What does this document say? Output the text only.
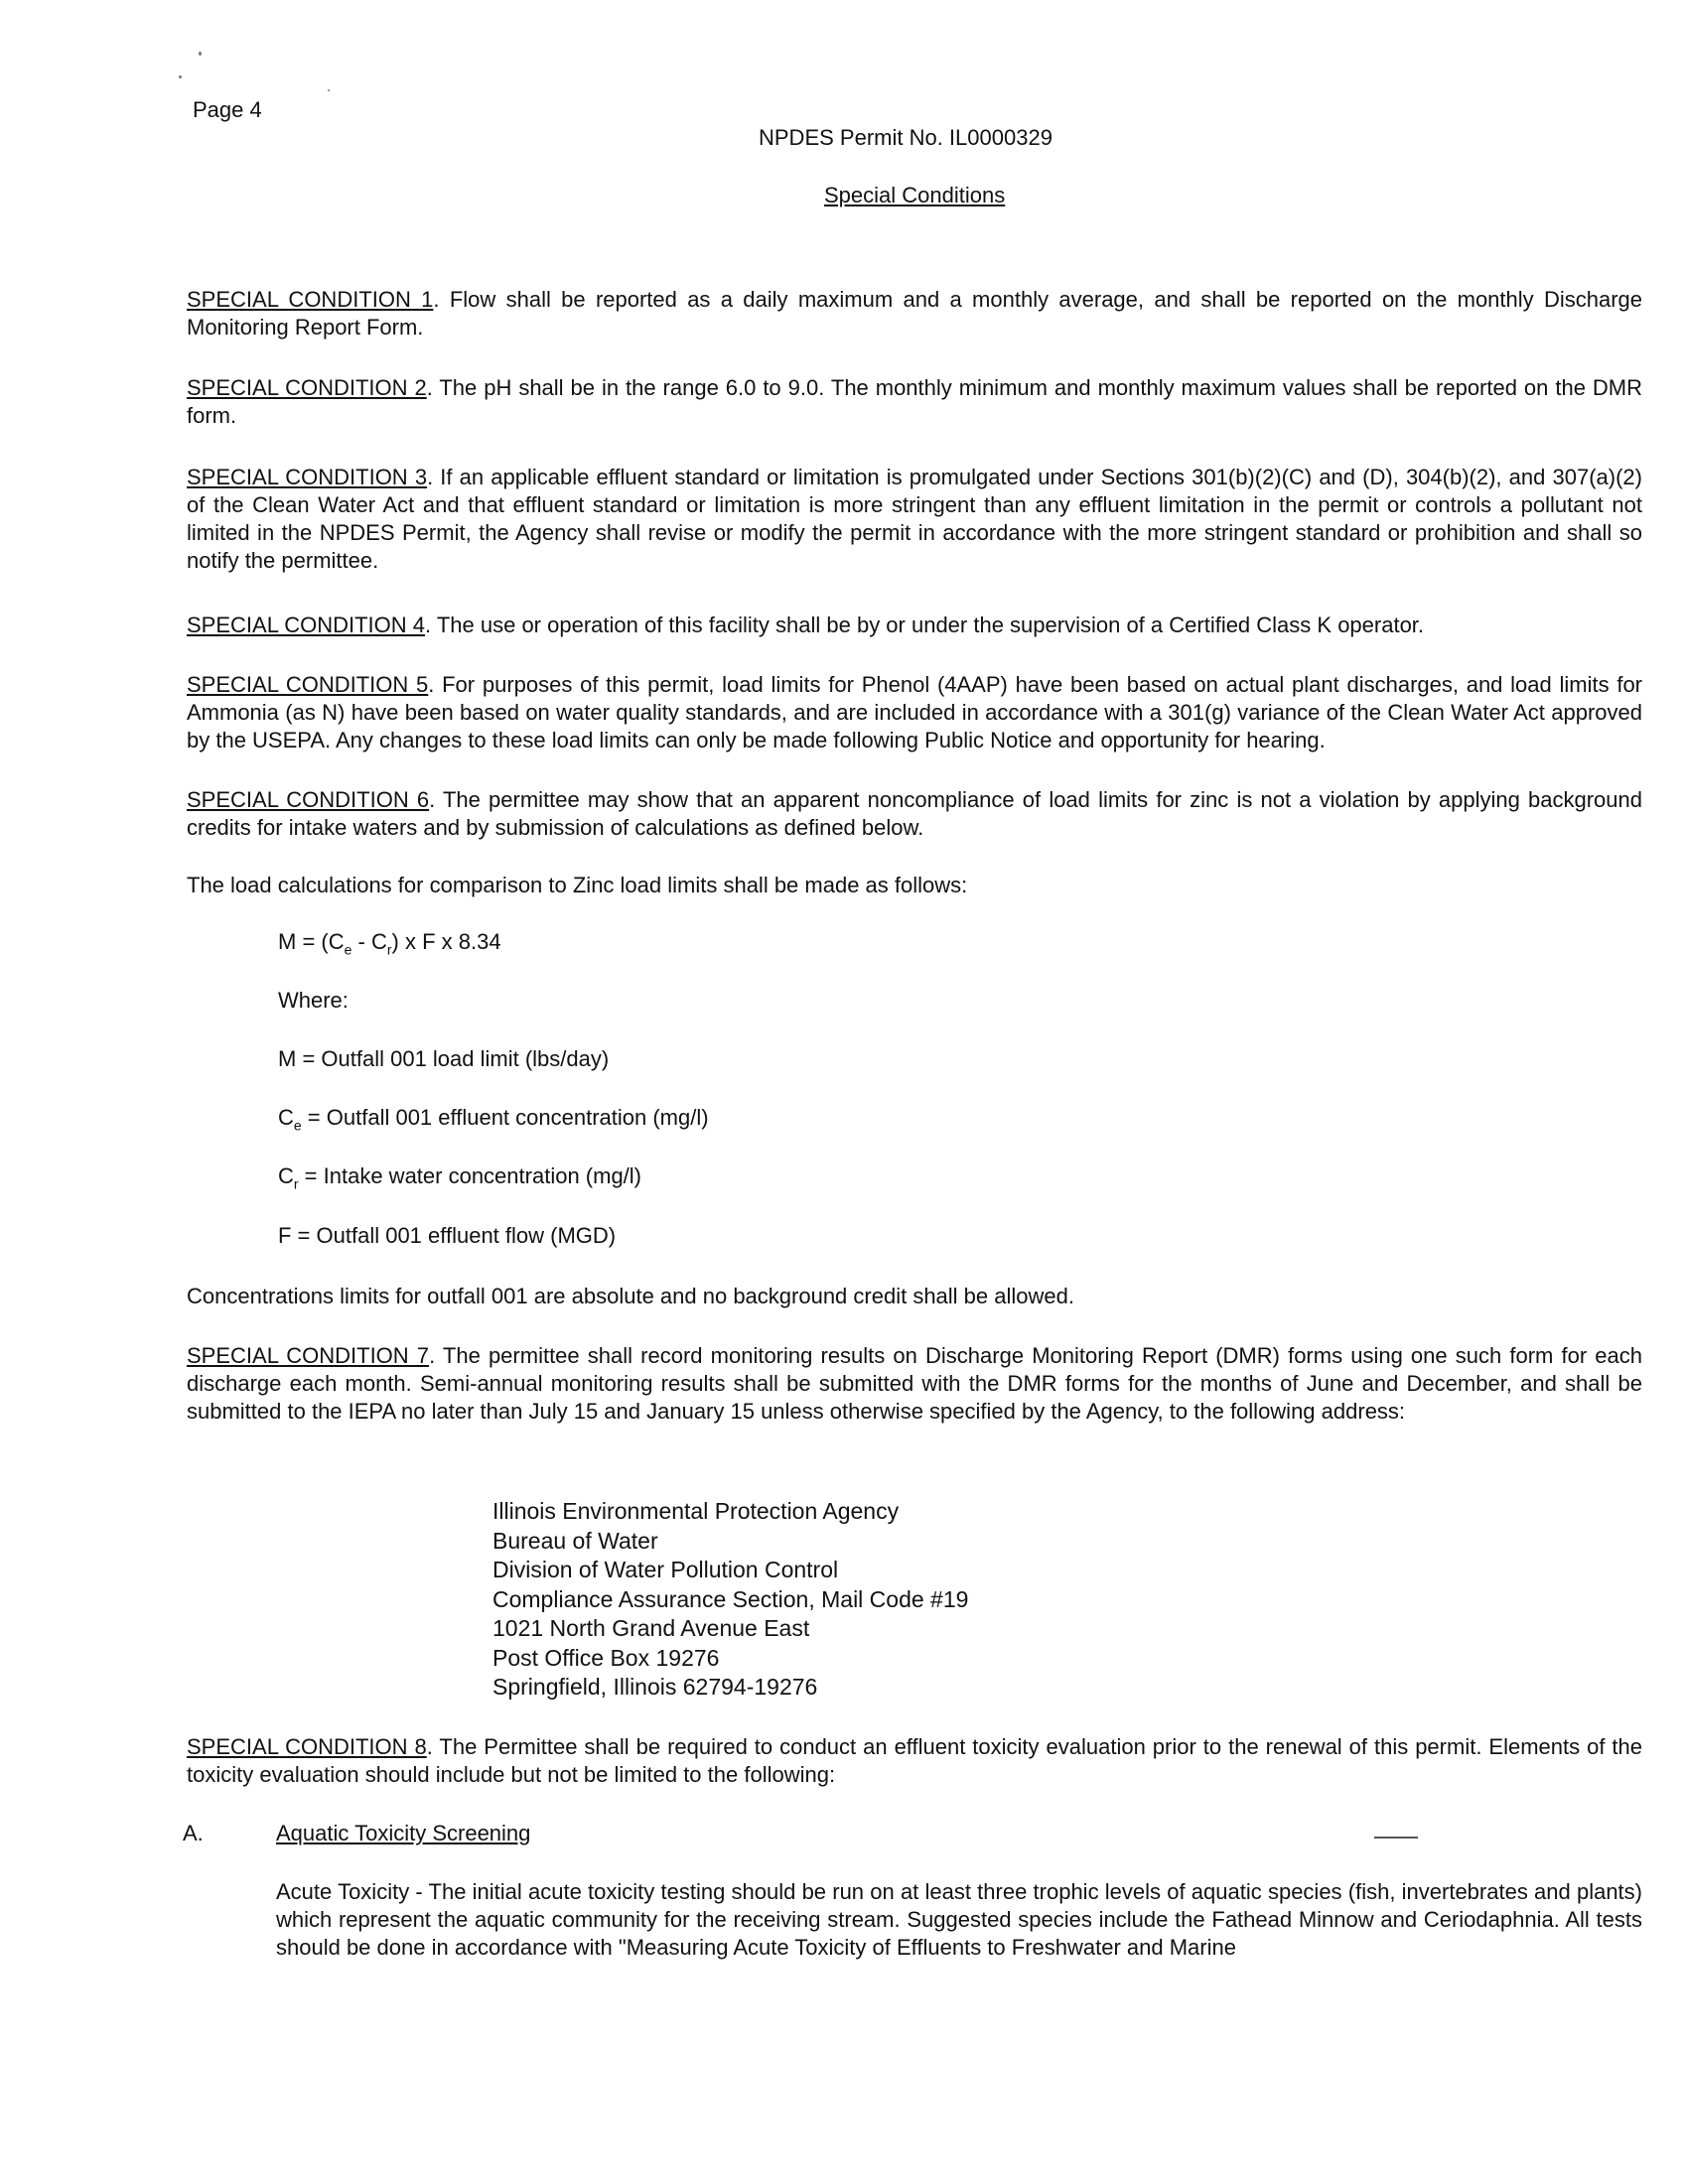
Page 4
NPDES Permit No. IL0000329
Special Conditions
SPECIAL CONDITION 1. Flow shall be reported as a daily maximum and a monthly average, and shall be reported on the monthly Discharge Monitoring Report Form.
SPECIAL CONDITION 2. The pH shall be in the range 6.0 to 9.0. The monthly minimum and monthly maximum values shall be reported on the DMR form.
SPECIAL CONDITION 3. If an applicable effluent standard or limitation is promulgated under Sections 301(b)(2)(C) and (D), 304(b)(2), and 307(a)(2) of the Clean Water Act and that effluent standard or limitation is more stringent than any effluent limitation in the permit or controls a pollutant not limited in the NPDES Permit, the Agency shall revise or modify the permit in accordance with the more stringent standard or prohibition and shall so notify the permittee.
SPECIAL CONDITION 4. The use or operation of this facility shall be by or under the supervision of a Certified Class K operator.
SPECIAL CONDITION 5. For purposes of this permit, load limits for Phenol (4AAP) have been based on actual plant discharges, and load limits for Ammonia (as N) have been based on water quality standards, and are included in accordance with a 301(g) variance of the Clean Water Act approved by the USEPA. Any changes to these load limits can only be made following Public Notice and opportunity for hearing.
SPECIAL CONDITION 6. The permittee may show that an apparent noncompliance of load limits for zinc is not a violation by applying background credits for intake waters and by submission of calculations as defined below.
The load calculations for comparison to Zinc load limits shall be made as follows:
$M = (C_e - C_r)$ x F x 8.34
Where:
M = Outfall 001 load limit (lbs/day)
$C_e$ = Outfall 001 effluent concentration (mg/l)
$C_r$ = Intake water concentration (mg/l)
F = Outfall 001 effluent flow (MGD)
Concentrations limits for outfall 001 are absolute and no background credit shall be allowed.
SPECIAL CONDITION 7. The permittee shall record monitoring results on Discharge Monitoring Report (DMR) forms using one such form for each discharge each month. Semi-annual monitoring results shall be submitted with the DMR forms for the months of June and December, and shall be submitted to the IEPA no later than July 15 and January 15 unless otherwise specified by the Agency, to the following address:
Illinois Environmental Protection Agency
Bureau of Water
Division of Water Pollution Control
Compliance Assurance Section, Mail Code #19
1021 North Grand Avenue East
Post Office Box 19276
Springfield, Illinois 62794-19276
SPECIAL CONDITION 8. The Permittee shall be required to conduct an effluent toxicity evaluation prior to the renewal of this permit. Elements of the toxicity evaluation should include but not be limited to the following:
A.	Aquatic Toxicity Screening
Acute Toxicity - The initial acute toxicity testing should be run on at least three trophic levels of aquatic species (fish, invertebrates and plants) which represent the aquatic community for the receiving stream. Suggested species include the Fathead Minnow and Ceriodaphnia. All tests should be done in accordance with "Measuring Acute Toxicity of Effluents to Freshwater and Marine
